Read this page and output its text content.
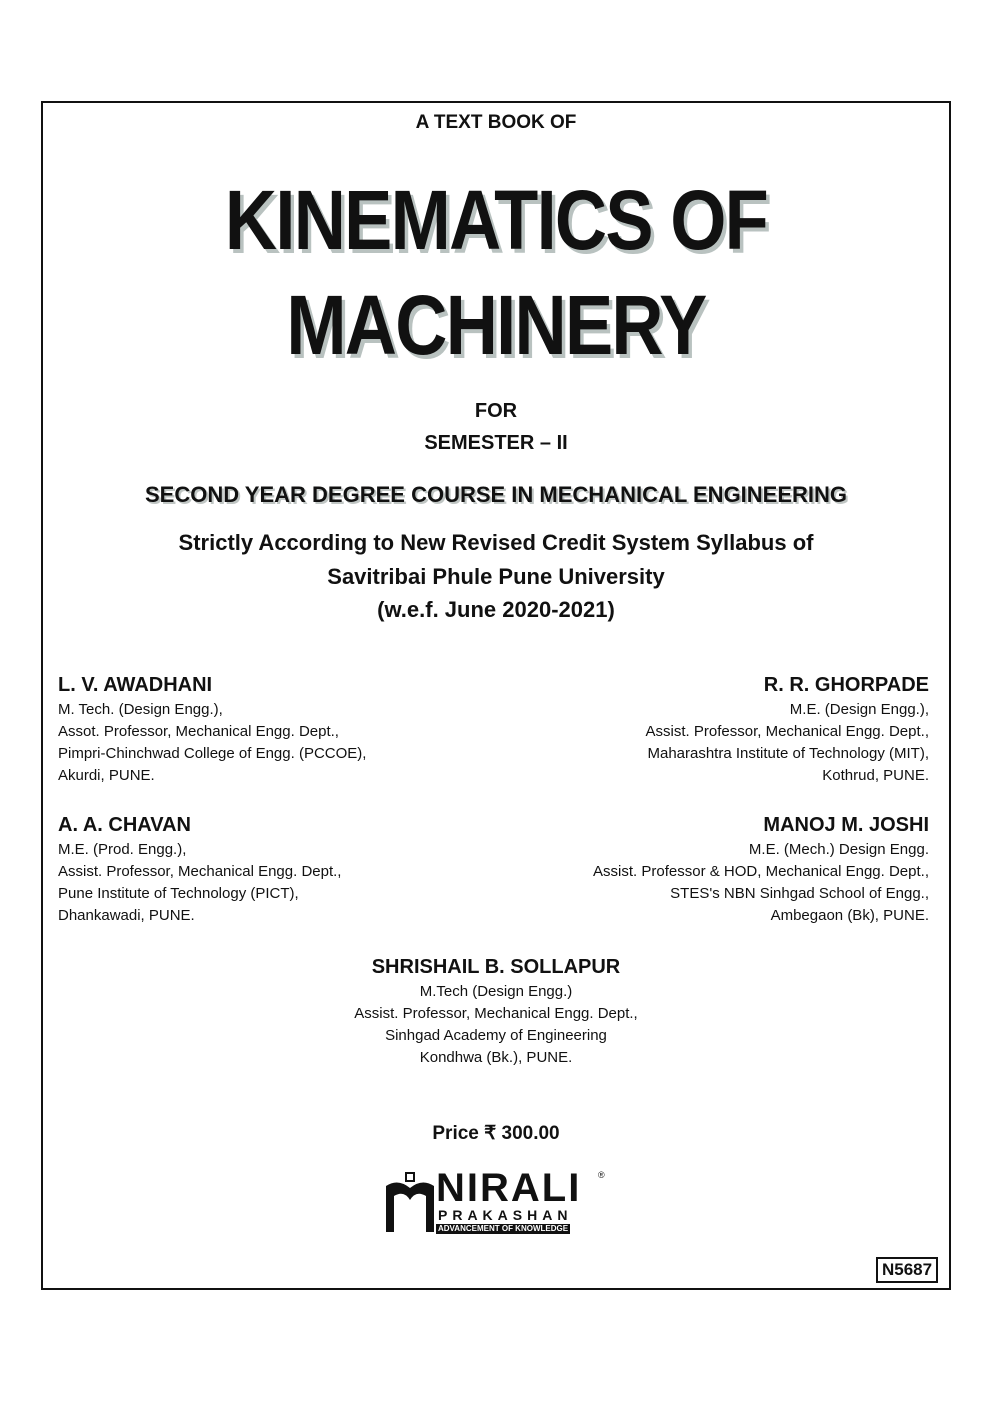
A TEXT BOOK OF
KINEMATICS OF
MACHINERY
FOR
SEMESTER – II
SECOND YEAR DEGREE COURSE IN MECHANICAL ENGINEERING
Strictly According to New Revised Credit System Syllabus of
Savitribai Phule Pune University
(w.e.f. June 2020-2021)
L. V. AWADHANI
M. Tech. (Design Engg.),
Assot. Professor, Mechanical Engg. Dept.,
Pimpri-Chinchwad College of Engg. (PCCOE),
Akurdi, PUNE.
R. R. GHORPADE
M.E. (Design Engg.),
Assist. Professor, Mechanical Engg. Dept.,
Maharashtra Institute of Technology (MIT),
Kothrud, PUNE.
A. A. CHAVAN
M.E. (Prod. Engg.),
Assist. Professor, Mechanical Engg. Dept.,
Pune Institute of Technology (PICT),
Dhankawadi, PUNE.
MANOJ M. JOSHI
M.E. (Mech.) Design Engg.
Assist. Professor & HOD, Mechanical Engg. Dept.,
STES's NBN Sinhgad School of Engg.,
Ambegaon (Bk), PUNE.
SHRISHAIL B. SOLLAPUR
M.Tech (Design Engg.)
Assist. Professor, Mechanical Engg. Dept.,
Sinhgad Academy of Engineering
Kondhwa (Bk.), PUNE.
Price ₹ 300.00
NIRALI ®
PRAKASHAN
ADVANCEMENT OF KNOWLEDGE
N5687
